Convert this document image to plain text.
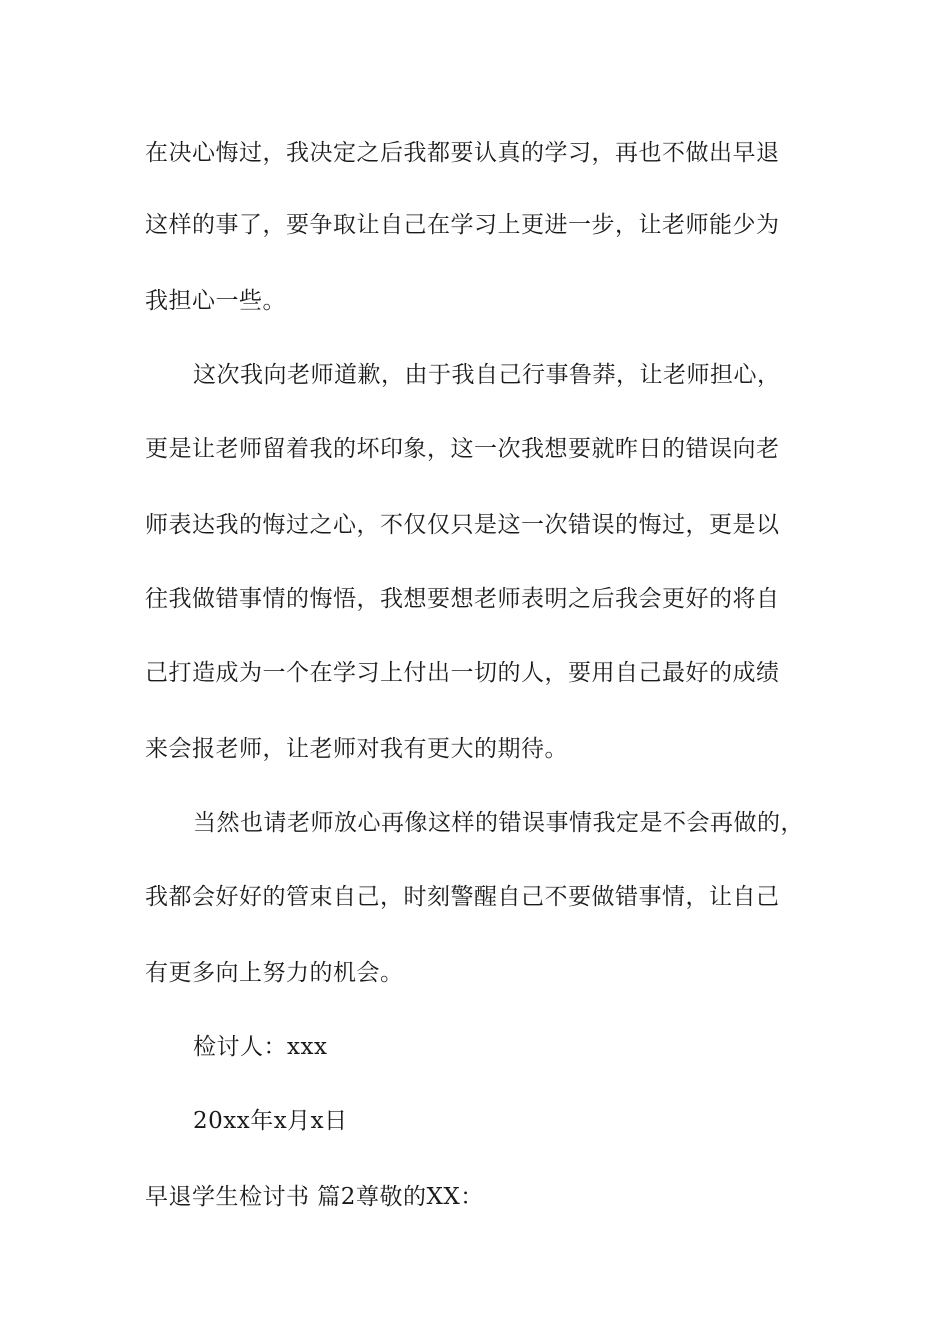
在决心悔过，我决定之后我都要认真的学习，再也不做出早退
这样的事了，要争取让自己在学习上更进一步，让老师能少为
我担心一些。
这次我向老师道歉，由于我自己行事鲁莽，让老师担心，
更是让老师留着我的坏印象，这一次我想要就昨日的错误向老
师表达我的悔过之心，不仅仅只是这一次错误的悔过，更是以
往我做错事情的悔悟，我想要想老师表明之后我会更好的将自
己打造成为一个在学习上付出一切的人，要用自己最好的成绩
来会报老师，让老师对我有更大的期待。
当然也请老师放心再像这样的错误事情我定是不会再做的，
我都会好好的管束自己，时刻警醒自己不要做错事情，让自己
有更多向上努力的机会。
检讨人：xxx
20xx年x月x日
早退学生检讨书 篇2尊敬的XX：
